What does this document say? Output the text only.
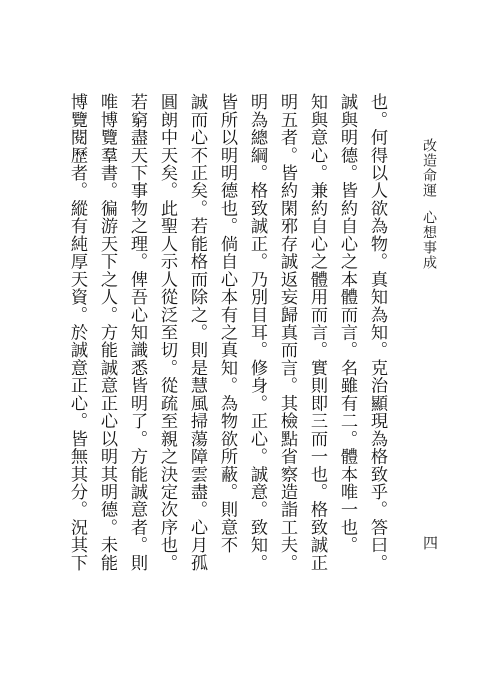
改造命運心想事成
也。何得以人欲為物。真知為知。克治顯現為格致乎。答曰。
誠與明德。皆約自心之本體而言。名雖有二。體本唯一也。
知與意心。兼約自心之體用而言。實則即三而一也。格致誠正
明五者。皆約閑邪存誠返妄歸真而言。其檢點省察造詣工夫。
明為總綱。格致誠正。乃別目耳。修身。正心。誠意。致知。
皆所以明明德也。倘自心本有之真知。為物欲所蔽。則意不
誠而心不正矣。若能格而除之。則是慧風掃蕩障雲盡。心月孤
圓朗中天矣。此聖人示人從泛至切。從疏至親之決定次序也。
若窮盡天下事物之理。俾吾心知識悉皆明了。方能誠意者。則
唯博覽羣書。徧游天下之人。方能誠意正心以明其明德。未能
博覽閱歷者。縱有純厚天資。於誠意正心。皆無其分。況其下	四
